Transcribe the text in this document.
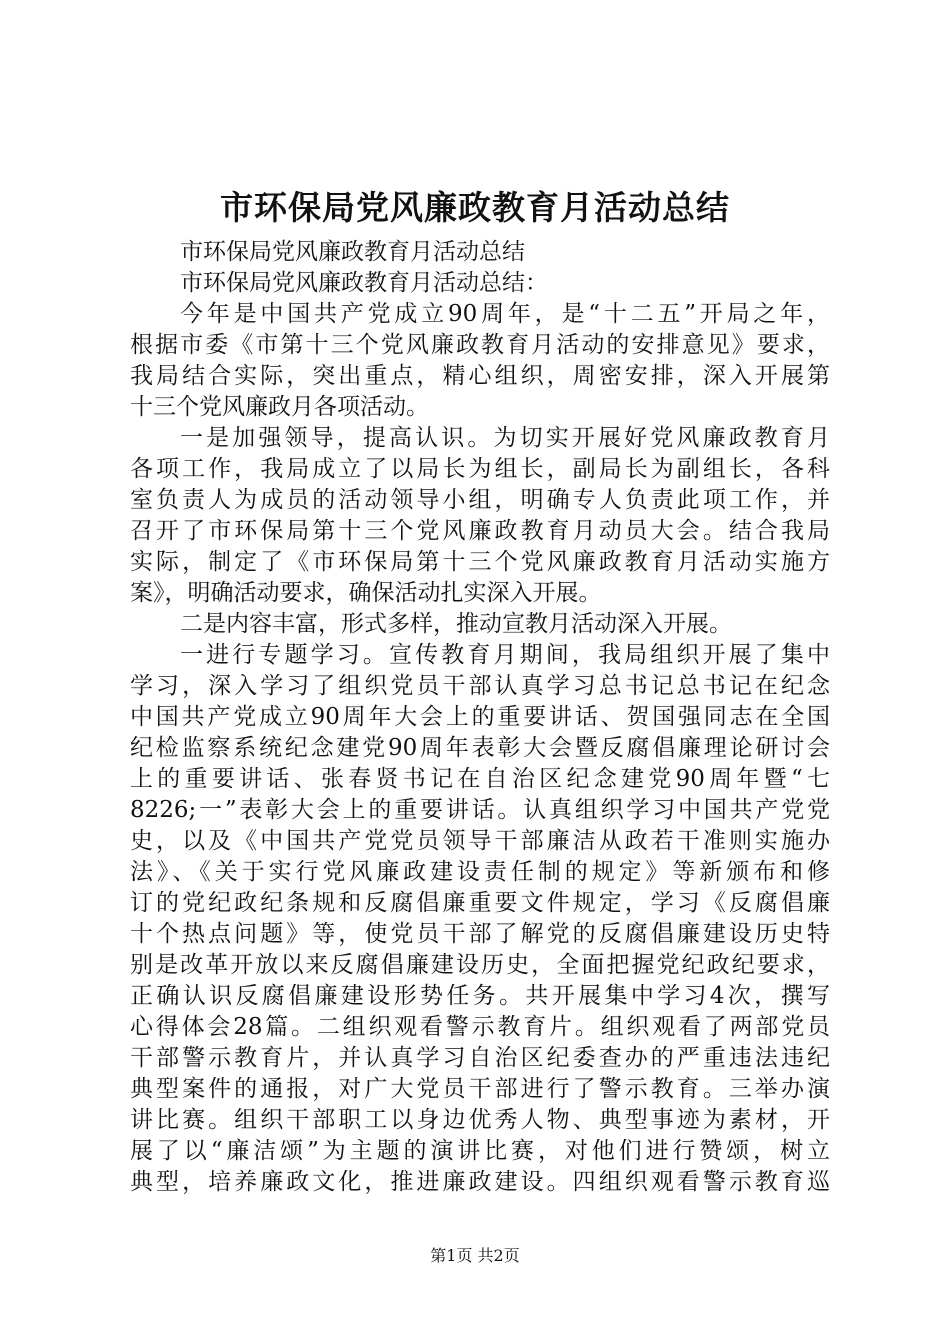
市环保局党风廉政教育月活动总结
市环保局党风廉政教育月活动总结
市环保局党风廉政教育月活动总结：
今年是中国共产党成立90周年，是“十二五”开局之年，
根据市委《市第十三个党风廉政教育月活动的安排意见》要求，
我局结合实际，突出重点，精心组织，周密安排，深入开展第
十三个党风廉政月各项活动。
一是加强领导，提高认识。为切实开展好党风廉政教育月
各项工作，我局成立了以局长为组长，副局长为副组长，各科
室负责人为成员的活动领导小组，明确专人负责此项工作，并
召开了市环保局第十三个党风廉政教育月动员大会。结合我局
实际，制定了《市环保局第十三个党风廉政教育月活动实施方
案》，明确活动要求，确保活动扎实深入开展。
二是内容丰富，形式多样，推动宣教月活动深入开展。
一进行专题学习。宣传教育月期间，我局组织开展了集中
学习，深入学习了组织党员干部认真学习总书记总书记在纪念
中国共产党成立90周年大会上的重要讲话、贺国强同志在全国
纪检监察系统纪念建党90周年表彰大会暨反腐倡廉理论研讨会
上的重要讲话、张春贤书记在自治区纪念建党90周年暨“七
8226;一”表彰大会上的重要讲话。认真组织学习中国共产党党
史，以及《中国共产党党员领导干部廉洁从政若干准则实施办
法》、《关于实行党风廉政建设责任制的规定》等新颁布和修
订的党纪政纪条规和反腐倡廉重要文件规定，学习《反腐倡廉
十个热点问题》等，使党员干部了解党的反腐倡廉建设历史特
别是改革开放以来反腐倡廉建设历史，全面把握党纪政纪要求，
正确认识反腐倡廉建设形势任务。共开展集中学习4次，撰写
心得体会28篇。二组织观看警示教育片。组织观看了两部党员
干部警示教育片，并认真学习自治区纪委查办的严重违法违纪
典型案件的通报，对广大党员干部进行了警示教育。三举办演
讲比赛。组织干部职工以身边优秀人物、典型事迹为素材，开
展了以“廉洁颂”为主题的演讲比赛，对他们进行赞颂，树立
典型，培养廉政文化，推进廉政建设。四组织观看警示教育巡
第1页 共2页
